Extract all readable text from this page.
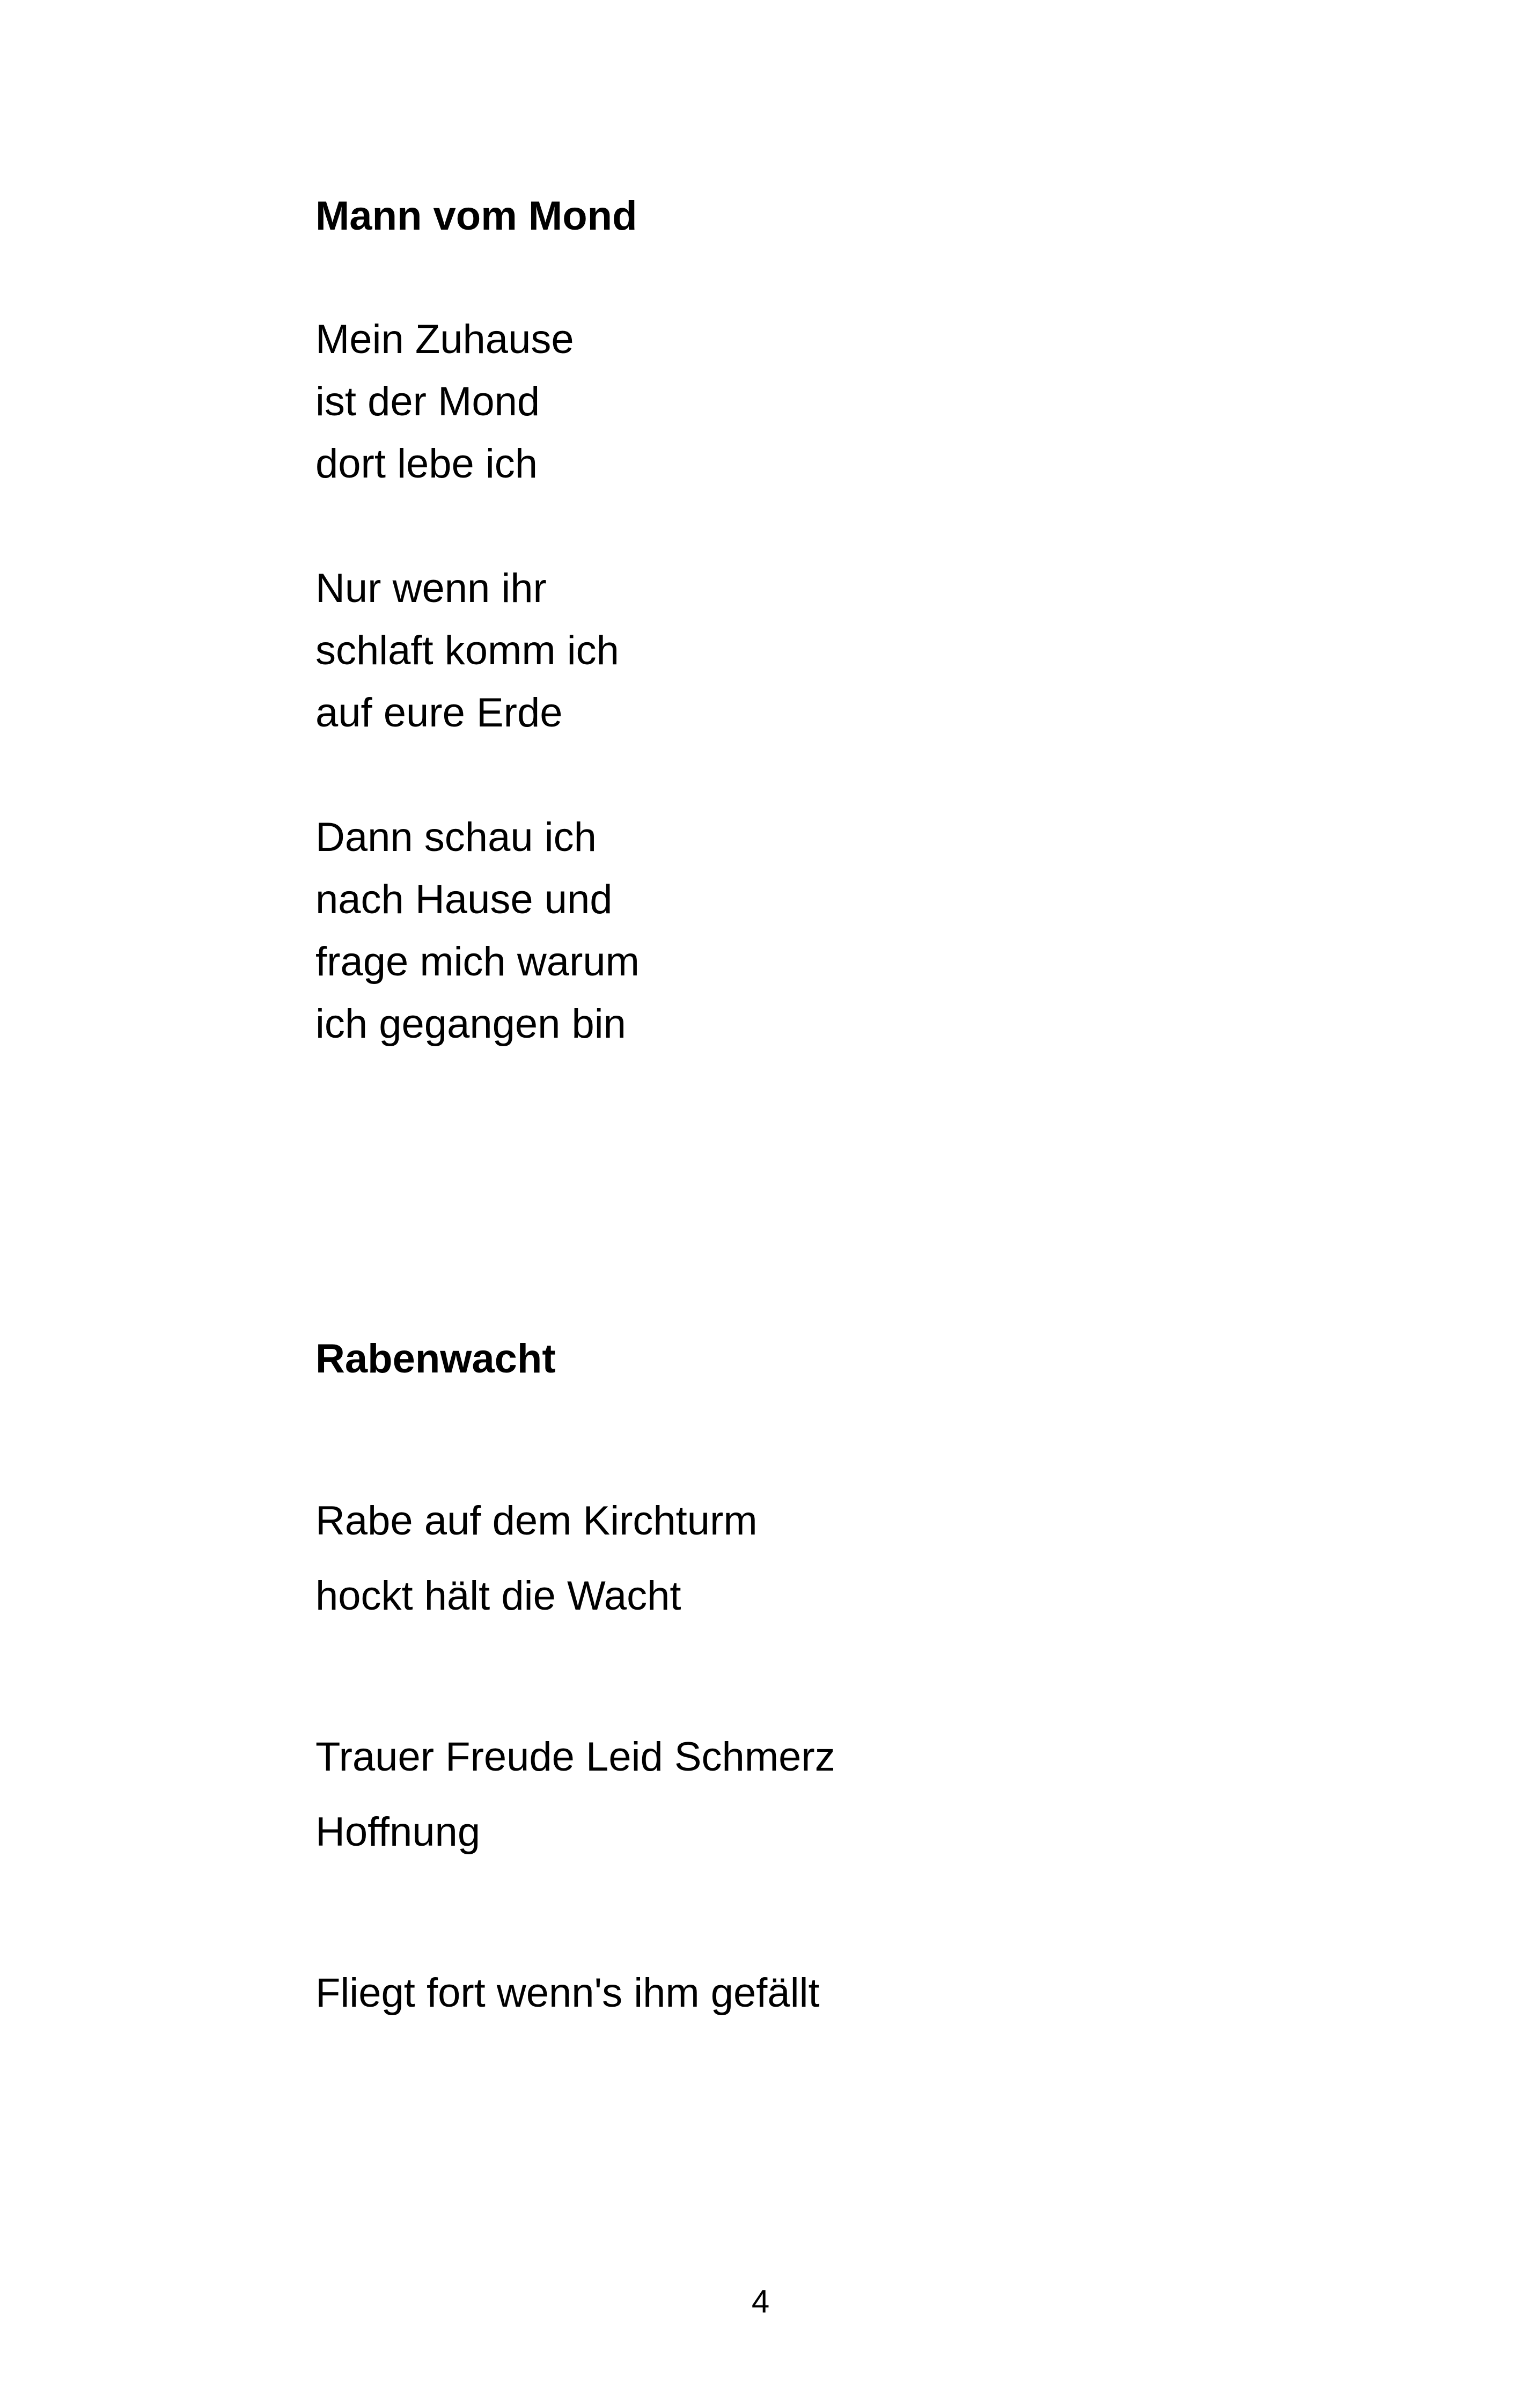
Mann vom Mond

Mein Zuhause

ist der Mond

dort lebe ich

Nur wenn ihr

schlaft komm ich

auf eure Erde

Dann schau ich

nach Hause und

frage mich warum

ich gegangen bin

Rabenwacht

Rabe auf dem Kirchturm

hockt hält die Wacht

Trauer Freude Leid Schmerz

Hoffnung

Fliegt fort wenn's ihm gefällt

4
